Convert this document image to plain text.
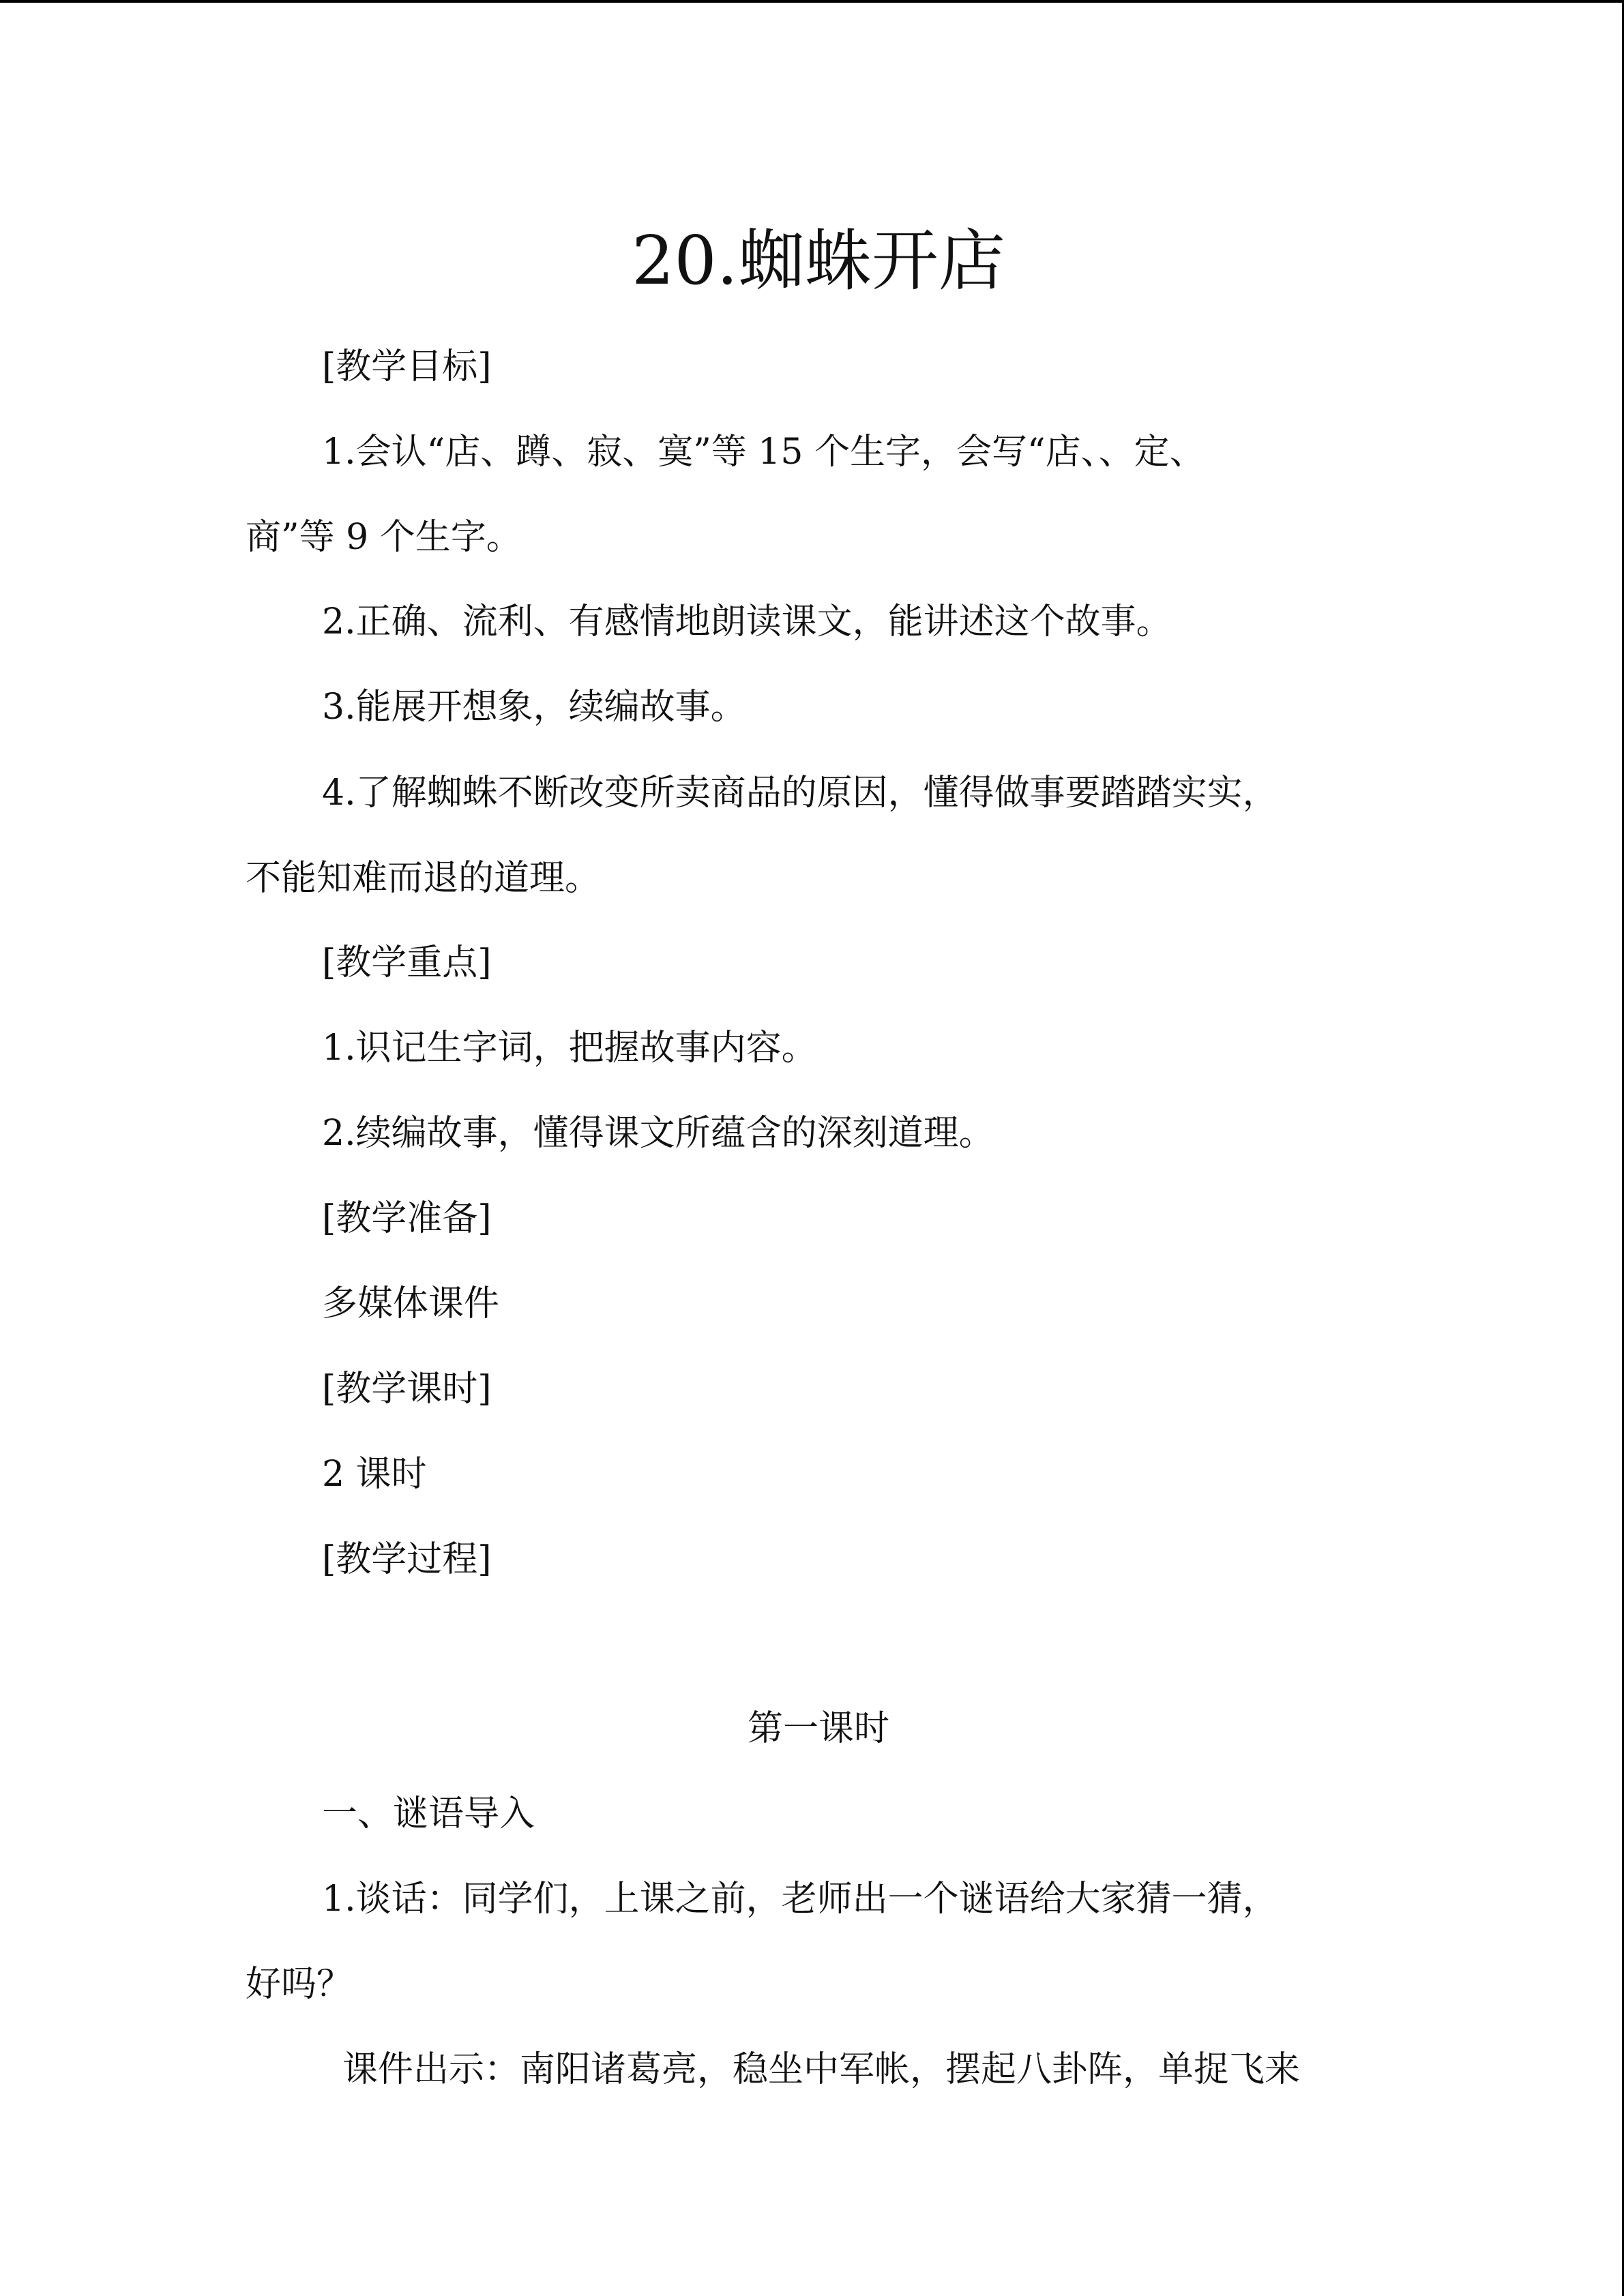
20.蜘蛛开店
[教学目标]
1.会认“店、蹲、寂、寞”等 15 个生字，会写“店、、定、
商”等 9 个生字。
2.正确、流利、有感情地朗读课文，能讲述这个故事。
3.能展开想象，续编故事。
4.了解蜘蛛不断改变所卖商品的原因，懂得做事要踏踏实实，
不能知难而退的道理。
[教学重点]
1.识记生字词，把握故事内容。
2.续编故事，懂得课文所蕴含的深刻道理。
[教学准备]
多媒体课件
[教学课时]
2 课时
[教学过程]
第一课时
一、谜语导入
1.谈话：同学们，上课之前，老师出一个谜语给大家猜一猜，
好吗？
课件出示：南阳诸葛亮，稳坐中军帐，摆起八卦阵，单捉飞来
